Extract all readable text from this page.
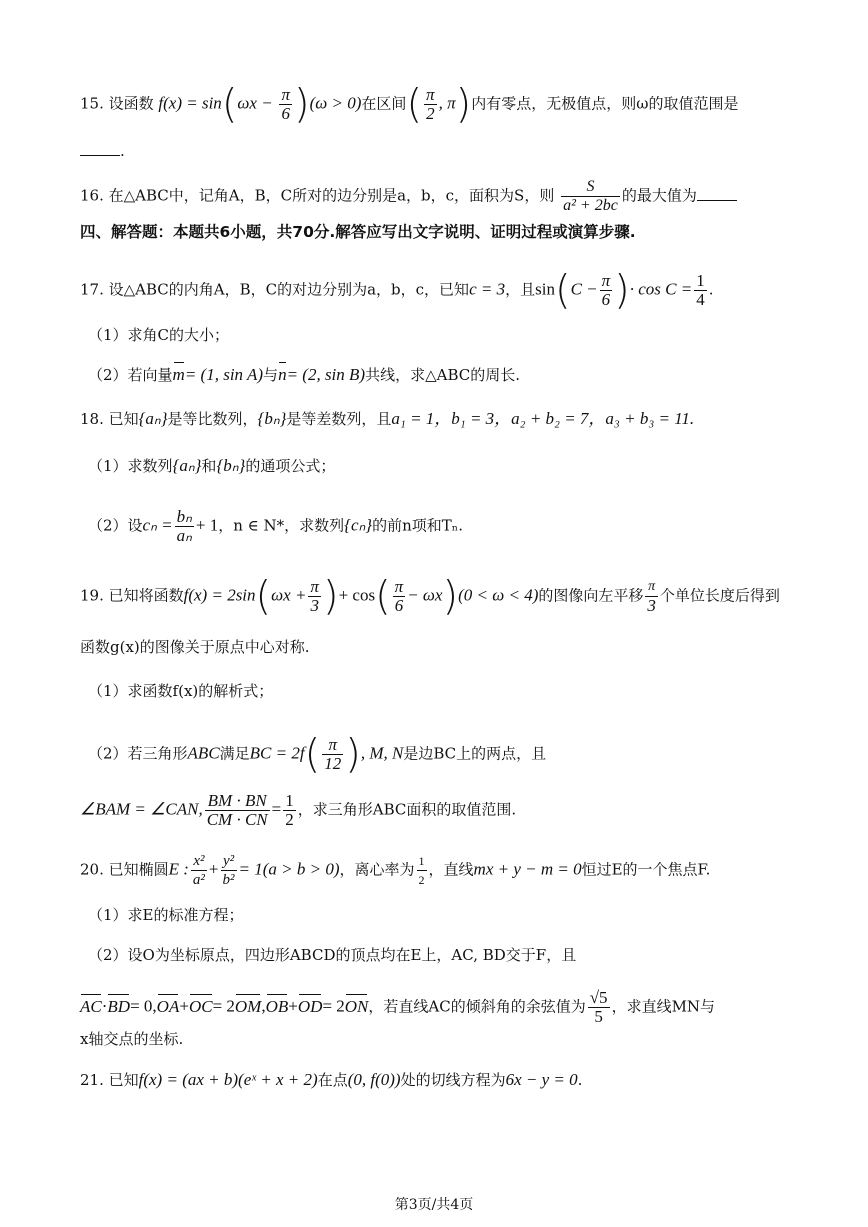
15. 设函数 $f(x) = \sin(\omega x - \frac{\pi}{6} )(\omega > 0)$在区间( $\frac{\pi}{2}$ , π)内有零点，无极值点，则ω的取值范围是
.
16. 在△ABC中，记角A，B，C所对的边分别是a，b，c，面积为S，则 $\frac{S}{\text{a² + 2bc}}$ 的最大值为
四、解答题：本题共6小题，共70分.解答应写出文字说明、证明过程或演算步骤.
17. 设△ABC的内角A，B，C的对边分别为a，b，c，已知c = 3，且$\sin(C - \frac{\pi}{6}$ )· $\cos C = \frac{1}{4}$ .
（1）求角C的大小；
（2）若向量m= (1, sin A)与n= (2, sin B)共线，求△ABC的周长.
18. 已知{aₙ}是等比数列，{bₙ}是等差数列，且a₁ = 1，b₁ = 3，a₂ + b₂ = 7，a₃ + b₃ = 11.
（1）求数列{aₙ}和{bₙ}的通项公式；
（2）设$c_n = \frac{\text{bₙ}}{\text{aₙ}} + 1$，n ∈ N*，求数列{cₙ}的前n项和Tₙ.
19. 已知将函数$f(x) = 2\sin(\omega x + \frac{\pi}{3}$ )+ $\cos( \frac{\pi}{6} - \omega x)(0 < \omega < 4)$的图像向左平移 $\frac{\pi}{3}$ 个单位长度后得到
函数g(x)的图像关于原点中心对称.
（1）求函数f(x)的解析式；
（2）若三角形ABC满足BC = $2f( \frac{\pi}{12}$ ), M, N是边BC上的两点，且
∠BAM = ∠CAN, $\frac{BM \cdot BN}{CM \cdot CN} = \frac{1}{2}$ ，求三角形ABC面积的取值范围.
20. 已知椭圆E : $\frac{\text{x²}}{\text{a²}} + \frac{\text{y²}}{\text{b²}} = 1(a > b > 0)$，离心率为 $\frac{1}{2}$ ，直线mx + y − m = 0恒过E的一个焦点F.
（1）求E的标准方程；
（2）设O为坐标原点，四边形ABCD的顶点均在E上，AC, BD交于F，且
AC·BD= 0,OA+OC= 2OM,OB+OD= 2ON，若直线AC的倾斜角的余弦值为 $\frac{√5}{5}$ ，求直线MN与
x轴交点的坐标.
21. 已知f(x) = (ax + b)(eˣ + x + 2)在点(0, f(0))处的切线方程为6x − y = 0.
第3页/共4页
